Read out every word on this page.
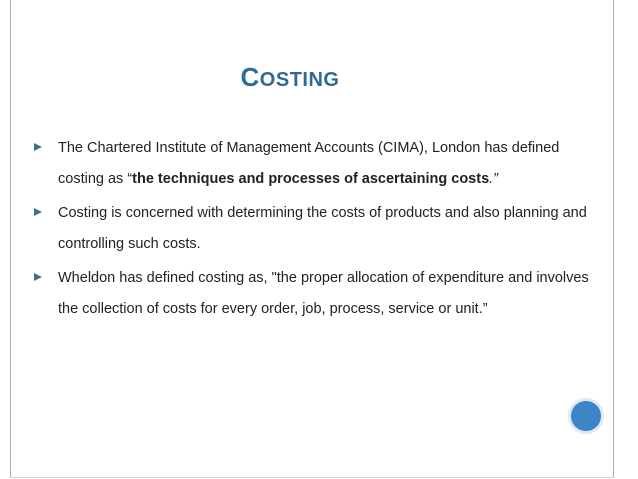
COSTING
The Chartered Institute of Management Accounts (CIMA), London has defined costing as “the techniques and processes of ascertaining costs.”
Costing is concerned with determining the costs of products and also planning and controlling such costs.
Wheldon has defined costing as, "the proper allocation of expenditure and involves the collection of costs for every order, job, process, service or unit.”
